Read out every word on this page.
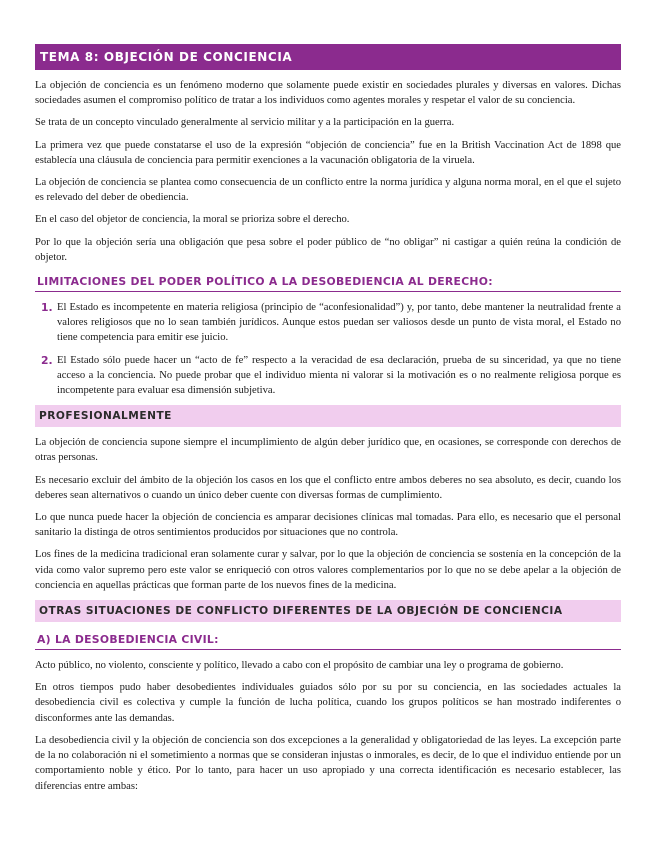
TEMA 8: OBJECIÓN DE CONCIENCIA

La objeción de conciencia es un fenómeno moderno que solamente puede existir en sociedades plurales y diversas en valores. Dichas sociedades asumen el compromiso político de tratar a los individuos como agentes morales y respetar el valor de su conciencia.

Se trata de un concepto vinculado generalmente al servicio militar y a la participación en la guerra.

La primera vez que puede constatarse el uso de la expresión “objeción de conciencia” fue en la British Vaccination Act de 1898 que establecía una cláusula de conciencia para permitir exenciones a la vacunación obligatoria de la viruela.

La objeción de conciencia se plantea como consecuencia de un conflicto entre la norma jurídica y alguna norma moral, en el que el sujeto es relevado del deber de obediencia.

En el caso del objetor de conciencia, la moral se prioriza sobre el derecho.

Por lo que la objeción sería una obligación que pesa sobre el poder público de “no obligar” ni castigar a quién reúna la condición de objetor.

LIMITACIONES DEL PODER POLÍTICO A LA DESOBEDIENCIA AL DERECHO:
1. El Estado es incompetente en materia religiosa (principio de “aconfesionalidad”) y, por tanto, debe mantener la neutralidad frente a valores religiosos que no lo sean también jurídicos. Aunque estos puedan ser valiosos desde un punto de vista moral, el Estado no tiene competencia para emitir ese juicio.

2. El Estado sólo puede hacer un “acto de fe” respecto a la veracidad de esa declaración, prueba de su sinceridad, ya que no tiene acceso a la conciencia. No puede probar que el individuo mienta ni valorar si la motivación es o no realmente religiosa porque es incompetente para evaluar esa dimensión subjetiva.

PROFESIONALMENTE

La objeción de conciencia supone siempre el incumplimiento de algún deber jurídico que, en ocasiones, se corresponde con derechos de otras personas.

Es necesario excluir del ámbito de la objeción los casos en los que el conflicto entre ambos deberes no sea absoluto, es decir, cuando los deberes sean alternativos o cuando un único deber cuente con diversas formas de cumplimiento.

Lo que nunca puede hacer la objeción de conciencia es amparar decisiones clínicas mal tomadas. Para ello, es necesario que el personal sanitario la distinga de otros sentimientos producidos por situaciones que no controla.

Los fines de la medicina tradicional eran solamente curar y salvar, por lo que la objeción de conciencia se sostenía en la concepción de la vida como valor supremo pero este valor se enriqueció con otros valores complementarios por lo que no se debe apelar a la objeción de conciencia en aquellas prácticas que forman parte de los nuevos fines de la medicina.

OTRAS SITUACIONES DE CONFLICTO DIFERENTES DE LA OBJECIÓN DE CONCIENCIA
A) LA DESOBEDIENCIA CIVIL:

Acto público, no violento, consciente y político, llevado a cabo con el propósito de cambiar una ley o programa de gobierno.

En otros tiempos pudo haber desobedientes individuales guiados sólo por su por su conciencia, en las sociedades actuales la desobediencia civil es colectiva y cumple la función de lucha política, cuando los grupos políticos se han mostrado indiferentes o disconformes ante las demandas.

La desobediencia civil y la objeción de conciencia son dos excepciones a la generalidad y obligatoriedad de las leyes. La excepción parte de la no colaboración ni el sometimiento a normas que se consideran injustas o inmorales, es decir, de lo que el individuo entiende por un comportamiento noble y ético. Por lo tanto, para hacer un uso apropiado y una correcta identificación es necesario establecer, las diferencias entre ambas:
